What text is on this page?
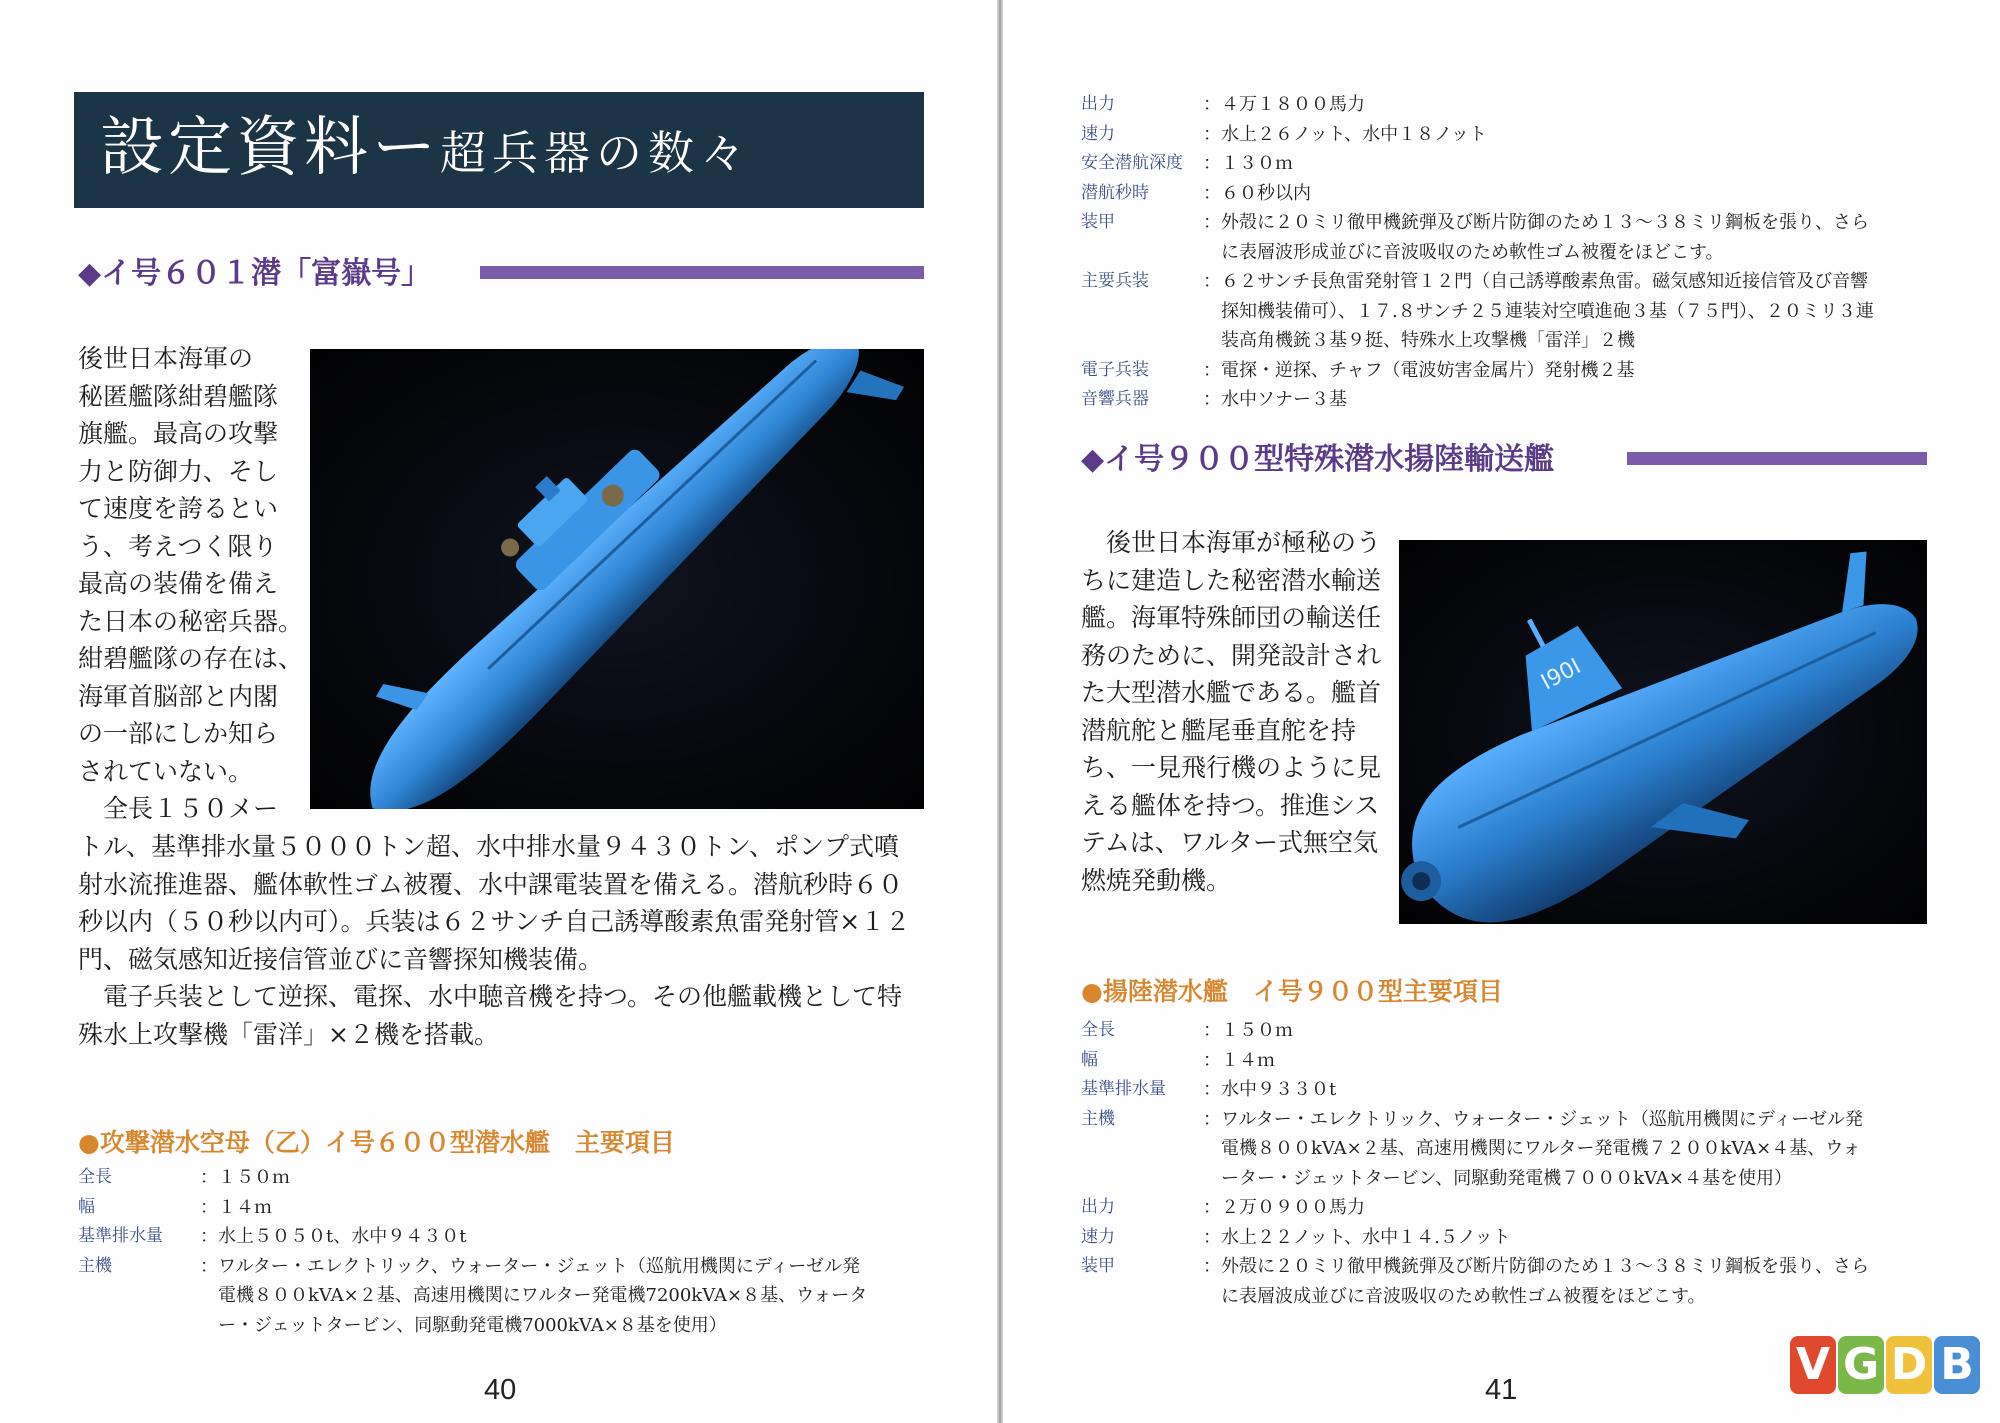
設定資料ー超兵器の数々
◆イ号６０１潜「富嶽号」
後世日本海軍の
秘匿艦隊紺碧艦隊
旗艦。最高の攻撃
力と防御力、そし
て速度を誇るとい
う、考えつく限り
最高の装備を備え
た日本の秘密兵器。
紺碧艦隊の存在は、
海軍首脳部と内閣
の一部にしか知ら
されていない。
　全長１５０メー
トル、基準排水量５０００トン超、水中排水量９４３０トン、ポンプ式噴
射水流推進器、艦体軟性ゴム被覆、水中課電装置を備える。潜航秒時６０
秒以内（５０秒以内可）。兵装は６２サンチ自己誘導酸素魚雷発射管×１２
門、磁気感知近接信管並びに音響探知機装備。
　電子兵装として逆探、電探、水中聴音機を持つ。その他艦載機として特
殊水上攻撃機「雷洋」×２機を搭載。
●攻撃潜水空母（乙）イ号６００型潜水艦　主要項目
全長	：１５０ｍ
幅	：１４ｍ
基準排水量	：水上５０５０t、水中９４３０t
主機	：ワルター・エレクトリック、ウォーター・ジェット（巡航用機関にディーゼル発
　電機８００kVA×２基、高速用機関にワルター発電機7200kVA×８基、ウォータ
　ー・ジェットタービン、同駆動発電機7000kVA×８基を使用）
40
出力	：４万１８００馬力
速力	：水上２６ノット、水中１８ノット
安全潜航深度	：１３０ｍ
潜航秒時	：６０秒以内
装甲	：外殻に２０ミリ徹甲機銃弾及び断片防御のため１３～３８ミリ鋼板を張り、さら
　に表層波形成並びに音波吸収のため軟性ゴム被覆をほどこす。
主要兵装	：６２サンチ長魚雷発射管１２門（自己誘導酸素魚雷。磁気感知近接信管及び音響
　探知機装備可）、１７.８サンチ２５連装対空噴進砲３基（７５門）、２０ミリ３連
　装高角機銃３基９挺、特殊水上攻撃機「雷洋」２機
電子兵装	：電探・逆探、チャフ（電波妨害金属片）発射機２基
音響兵器	：水中ソナー３基
◆イ号９００型特殊潜水揚陸輸送艦
　後世日本海軍が極秘のう
ちに建造した秘密潜水輸送
艦。海軍特殊師団の輸送任
務のために、開発設計され
た大型潜水艦である。艦首
潜航舵と艦尾垂直舵を持
ち、一見飛行機のように見
える艦体を持つ。推進シス
テムは、ワルター式無空気
燃焼発動機。
I90I
●揚陸潜水艦　イ号９００型主要項目
全長	：１５０ｍ
幅	：１４ｍ
基準排水量	：水中９３３０t
主機	：ワルター・エレクトリック、ウォーター・ジェット（巡航用機関にディーゼル発
　電機８００kVA×２基、高速用機関にワルター発電機７２００kVA×４基、ウォ
　ーター・ジェットタービン、同駆動発電機７０００kVA×４基を使用）
出力	：２万０９００馬力
速力	：水上２２ノット、水中１４.５ノット
装甲	：外殻に２０ミリ徹甲機銃弾及び断片防御のため１３～３８ミリ鋼板を張り、さら
　に表層波成並びに音波吸収のため軟性ゴム被覆をほどこす。
41	V G D B
